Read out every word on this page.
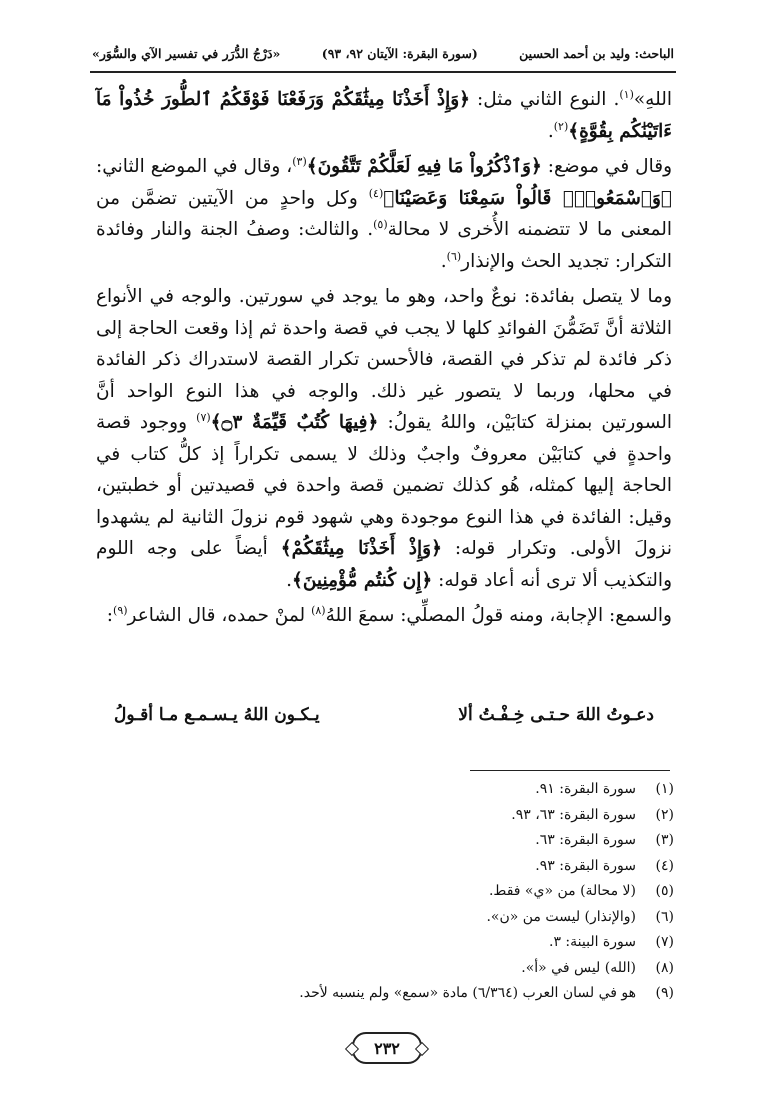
«دَرْجُ الدُّرَر في تفسير الآي والسُّوَر»	(سورة البقرة: الآيتان ٩٢، ٩٣)	الباحث: وليد بن أحمد الحسين

اللهِ»$^{(١)}$. النوع الثاني مثل: ﴿وَإِذْ أَخَذْنَا مِيثَٰقَكُمْ وَرَفَعْنَا فَوْقَكُمُ ٱلطُّورَ خُذُواْ مَآ ءَاتَيْنَٰكُم بِقُوَّةٍ﴾$^{(٢)}$.

وقال في موضع: ﴿وَٱذْكُرُواْ مَا فِيهِ لَعَلَّكُمْ تَتَّقُونَ﴾$^{(٣)}$، وقال في الموضع الثاني: ﴿وَٱسْمَعُواْۖ قَالُواْ سَمِعْنَا وَعَصَيْنَا﴾$^{(٤)}$ وكل واحدٍ من الآيتين تضمَّن من المعنى ما لا تتضمنه الأُخرى لا محالة$^{(٥)}$. والثالث: وصفُ الجنة والنار وفائدة التكرار: تجديد الحث والإنذار$^{(٦)}$.

وما لا يتصل بفائدة: نوعٌ واحد، وهو ما يوجد في سورتين. والوجه في الأنواع الثلاثة أنَّ تَضَمُّنَ الفوائدِ كلها لا يجب في قصة واحدة ثم إذا وقعت الحاجة إلى ذكر فائدة لم تذكر في القصة، فالأحسن تكرار القصة لاستدراك ذكر الفائدة في محلها، وربما لا يتصور غير ذلك. والوجه في هذا النوع الواحد أنَّ السورتين بمنزلة كتابَيْن، واللهُ يقولُ: ﴿فِيهَا كُتُبٌ قَيِّمَةٌ ۝٣﴾$^{(٧)}$ ووجود قصة واحدةٍ في كتابَيْن معروفٌ واجبٌ وذلك لا يسمى تكراراً إذ كلُّ كتاب في الحاجة إليها كمثله، هُو كذلك تضمين قصة واحدة في قصيدتين أو خطبتين، وقيل: الفائدة في هذا النوع موجودة وهي شهود قوم نزولَ الثانية لم يشهدوا نزولَ الأولى. وتكرار قوله: ﴿وَإِذْ أَخَذْنَا مِيثَٰقَكُمْ﴾ أيضاً على وجه اللوم والتكذيب ألا ترى أنه أعاد قوله: ﴿إِن كُنتُم مُّؤْمِنِينَ﴾.

والسمع: الإجابة، ومنه قولُ المصلِّي: سمعَ اللهُ$^{(٨)}$ لمنْ حمده، قال الشاعر$^{(٩)}$:

دعـوتُ اللهَ حـتـى خِـفْـتُ ألا
يـكـون اللهُ يـسـمـع مـا أقـولُ
(١)
سورة البقرة: ٩١.
(٢)
سورة البقرة: ٦٣، ٩٣.
(٣)
سورة البقرة: ٦٣.
(٤)
سورة البقرة: ٩٣.
(٥)
(لا محالة) من «ي» فقط.
(٦)
(والإنذار) ليست من «ن».
(٧)
سورة البينة: ٣.
(٨)
(الله) ليس في «أ».
(٩)
هو في لسان العرب (٦/٣٦٤) مادة «سمع» ولم ينسبه لأحد.
٢٣٢
